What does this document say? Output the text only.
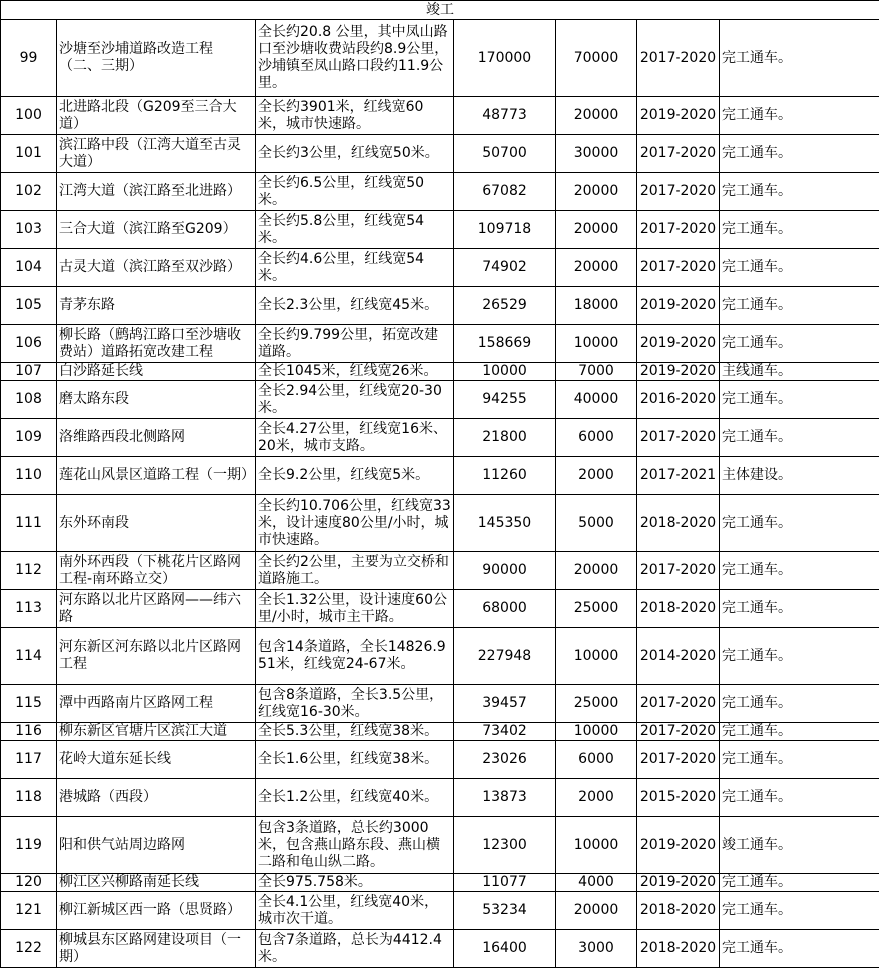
竣工						
99	沙塘至沙埔道路改造工程（二、三期）	全长约20.8 公里，其中凤山路口至沙塘收费站段约8.9公里，沙埔镇至凤山路口段约11.9公里。	170000	70000	2017-2020	完工通车。
100	北进路北段（G209至三合大道）	全长约3901米，红线宽60米，城市快速路。	48773	20000	2019-2020	完工通车。
101	滨江路中段（江湾大道至古灵大道）	全长约3公里，红线宽50米。	50700	30000	2017-2020	完工通车。
102	江湾大道（滨江路至北进路）	全长约6.5公里，红线宽50米。	67082	20000	2017-2020	完工通车。
103	三合大道（滨江路至G209）	全长约5.8公里，红线宽54米。	109718	20000	2017-2020	完工通车。
104	古灵大道（滨江路至双沙路）	全长约4.6公里，红线宽54米。	74902	20000	2017-2020	完工通车。
105	青茅东路	全长2.3公里，红线宽45米。	26529	18000	2019-2020	完工通车。
106	柳长路（鹧鸪江路口至沙塘收费站）道路拓宽改建工程	全长约9.799公里，拓宽改建道路。	158669	10000	2019-2020	完工通车。
107	白沙路延长线	全长1045米，红线宽26米。	10000	7000	2019-2020	主线通车。
108	磨太路东段	全长2.94公里，红线宽20-30米。	94255	40000	2016-2020	完工通车。
109	洛维路西段北侧路网	全长4.27公里，红线宽16米、20米，城市支路。	21800	6000	2017-2020	完工通车。
110	莲花山风景区道路工程（一期）	全长9.2公里，红线宽5米。	11260	2000	2017-2021	主体建设。
111	东外环南段	全长约10.706公里，红线宽33米，设计速度80公里/小时，城市快速路。	145350	5000	2018-2020	完工通车。
112	南外环西段（下桃花片区路网工程-南环路立交）	全长约2公里，主要为立交桥和道路施工。	90000	20000	2017-2020	完工通车。
113	河东路以北片区路网——纬六路	全长1.32公里，设计速度60公里/小时，城市主干路。	68000	25000	2018-2020	完工通车。
114	河东新区河东路以北片区路网工程	包含14条道路，全长14826.951米，红线宽24-67米。	227948	10000	2014-2020	完工通车。
115	潭中西路南片区路网工程	包含8条道路，全长3.5公里，红线宽16-30米。	39457	25000	2017-2020	完工通车。
116	柳东新区官塘片区滨江大道	全长5.3公里，红线宽38米。	73402	10000	2017-2020	完工通车。
117	花岭大道东延长线	全长1.6公里，红线宽38米。	23026	6000	2017-2020	完工通车。
118	港城路（西段）	全长1.2公里，红线宽40米。	13873	2000	2015-2020	完工通车。
119	阳和供气站周边路网	包含3条道路，总长约3000米，包含燕山路东段、燕山横二路和龟山纵二路。	12300	10000	2019-2020	竣工通车。
120	柳江区兴柳路南延长线	全长975.758米。	11077	4000	2019-2020	完工通车。
121	柳江新城区西一路（思贤路）	全长4.1公里，红线宽40米，城市次干道。	53234	20000	2018-2020	完工通车。
122	柳城县东区路网建设项目（一期）	包含7条道路，总长为4412.4米。	16400	3000	2018-2020	完工通车。
